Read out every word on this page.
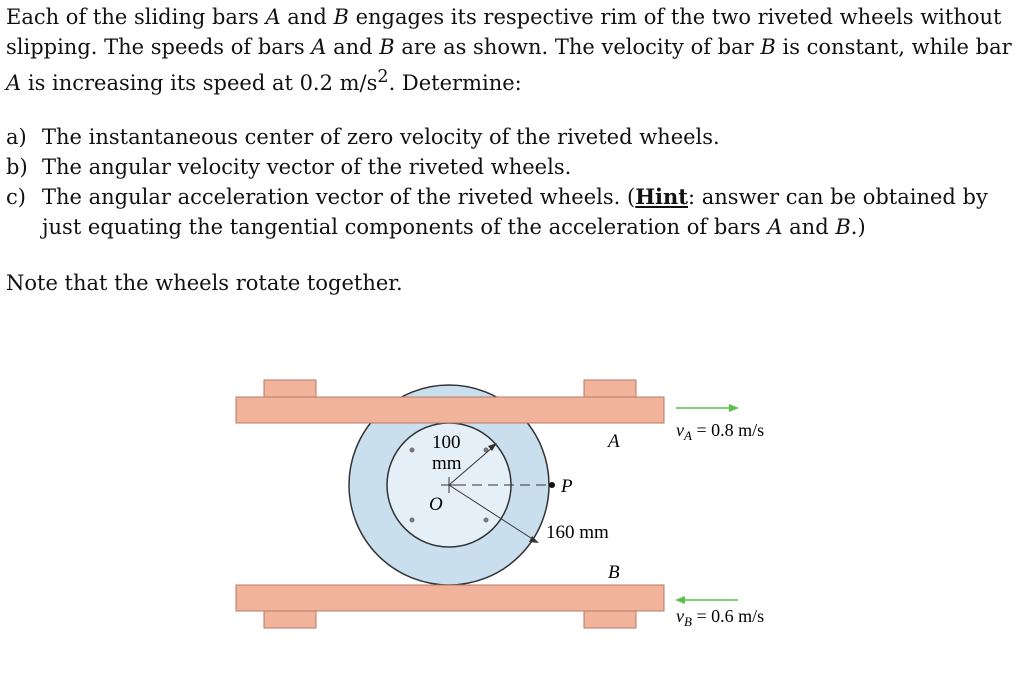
Each of the sliding bars A and B engages its respective rim of the two riveted wheels without slipping. The speeds of bars A and B are as shown. The velocity of bar B is constant, while bar A is increasing its speed at 0.2 $m/s^2$. Determine:

a) The instantaneous center of zero velocity of the riveted wheels.
b) The angular velocity vector of the riveted wheels.
c) The angular acceleration vector of the riveted wheels. (Hint: answer can be obtained by just equating the tangential components of the acceleration of bars A and B.)

Note that the wheels rotate together.

100
mm
O
P
A
160 mm
B
$v_A = 0.8$ m/s
$v_B = 0.6$ m/s
